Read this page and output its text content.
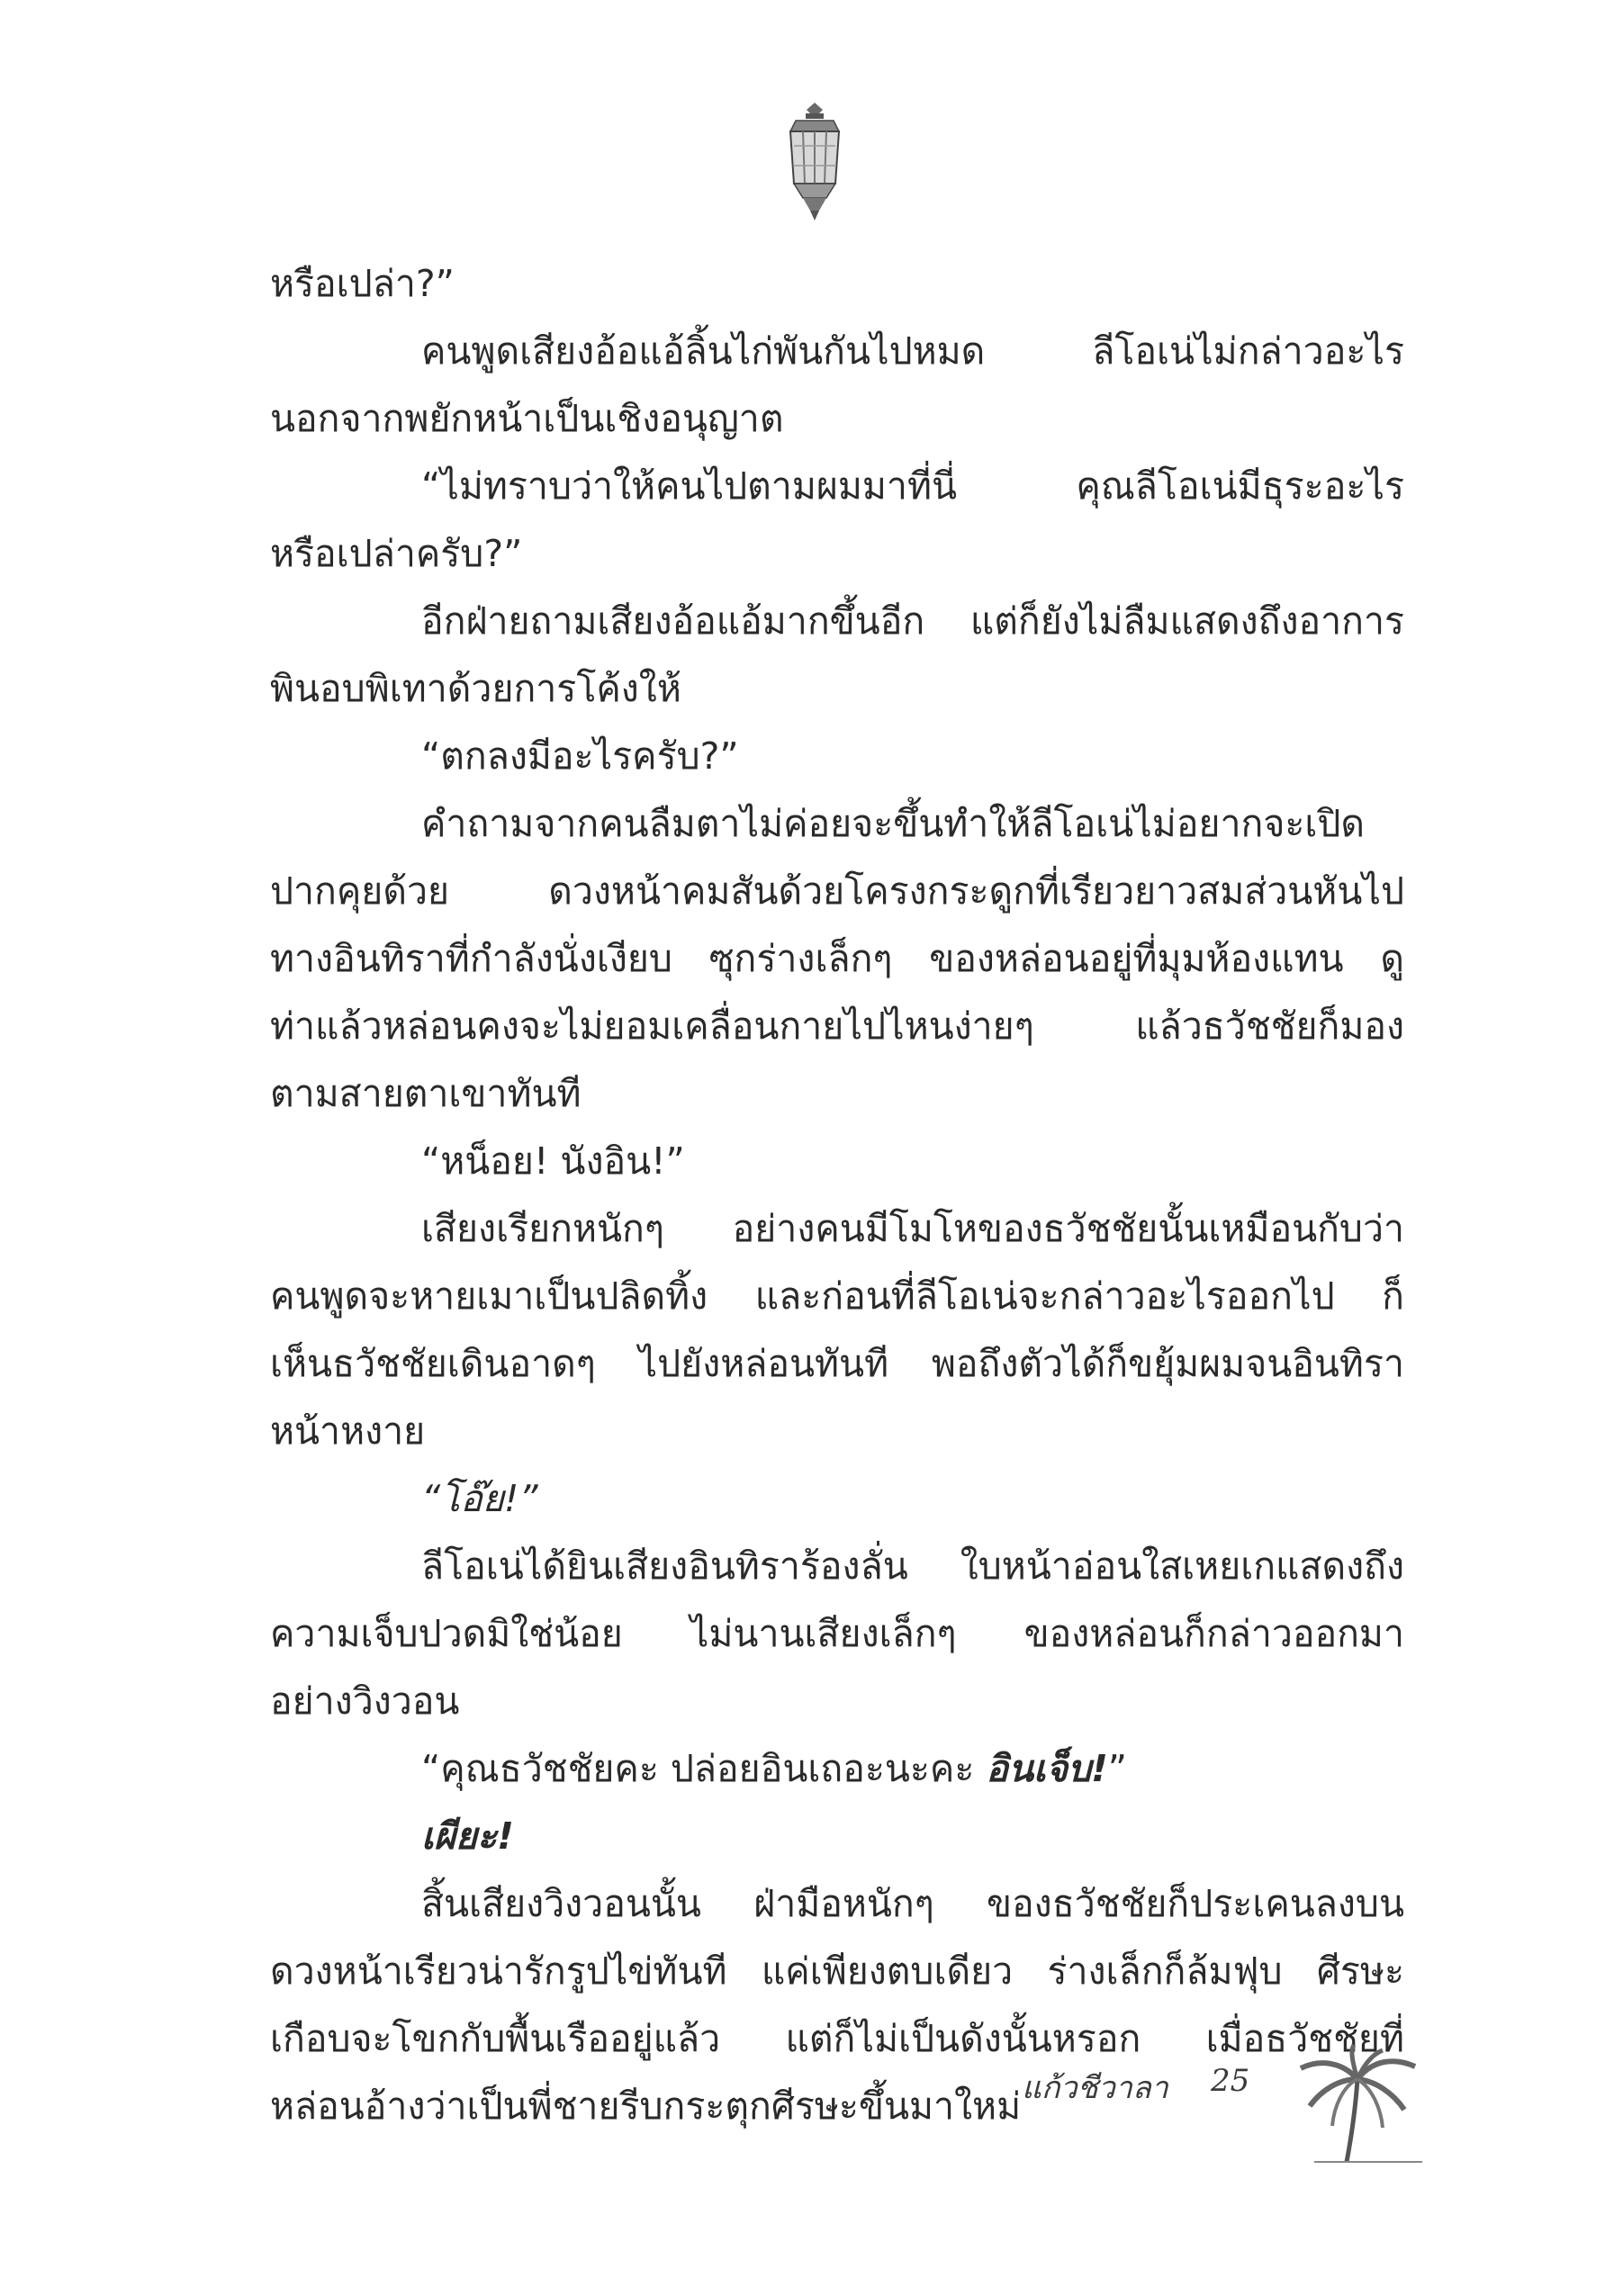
หรือเปล่า?”
คนพูดเสียงอ้อแอ้ลิ้นไก่พันกันไปหมด ลีโอเน่ไม่กล่าวอะไร
นอกจากพยักหน้าเป็นเชิงอนุญาต
“ไม่ทราบว่าให้คนไปตามผมมาที่นี่ คุณลีโอเน่มีธุระอะไร
หรือเปล่าครับ?”
อีกฝ่ายถามเสียงอ้อแอ้มากขึ้นอีก แต่ก็ยังไม่ลืมแสดงถึงอาการ
พินอบพิเทาด้วยการโค้งให้
“ตกลงมีอะไรครับ?”
คำถามจากคนลืมตาไม่ค่อยจะขึ้นทำให้ลีโอเน่ไม่อยากจะเปิด
ปากคุยด้วย ดวงหน้าคมสันด้วยโครงกระดูกที่เรียวยาวสมส่วนหันไป
ทางอินทิราที่กำลังนั่งเงียบ ซุกร่างเล็กๆ ของหล่อนอยู่ที่มุมห้องแทน ดู
ท่าแล้วหล่อนคงจะไม่ยอมเคลื่อนกายไปไหนง่ายๆ แล้วธวัชชัยก็มอง
ตามสายตาเขาทันที
“หน็อย! นังอิน!”
เสียงเรียกหนักๆ อย่างคนมีโมโหของธวัชชัยนั้นเหมือนกับว่า
คนพูดจะหายเมาเป็นปลิดทิ้ง และก่อนที่ลีโอเน่จะกล่าวอะไรออกไป ก็
เห็นธวัชชัยเดินอาดๆ ไปยังหล่อนทันที พอถึงตัวได้ก็ขยุ้มผมจนอินทิรา
หน้าหงาย
“โอ๊ย!”
ลีโอเน่ได้ยินเสียงอินทิราร้องลั่น ใบหน้าอ่อนใสเหยเกแสดงถึง
ความเจ็บปวดมิใช่น้อย ไม่นานเสียงเล็กๆ ของหล่อนก็กล่าวออกมา
อย่างวิงวอน
“คุณธวัชชัยคะ ปล่อยอินเถอะนะคะ อินเจ็บ!”
เผียะ!
สิ้นเสียงวิงวอนนั้น ฝ่ามือหนักๆ ของธวัชชัยก็ประเคนลงบน
ดวงหน้าเรียวน่ารักรูปไข่ทันที แค่เพียงตบเดียว ร่างเล็กก็ล้มฟุบ ศีรษะ
เกือบจะโขกกับพื้นเรืออยู่แล้ว แต่ก็ไม่เป็นดังนั้นหรอก เมื่อธวัชชัยที่
หล่อนอ้างว่าเป็นพี่ชายรีบกระตุกศีรษะขึ้นมาใหม่ แก้วชีวาลา 25
